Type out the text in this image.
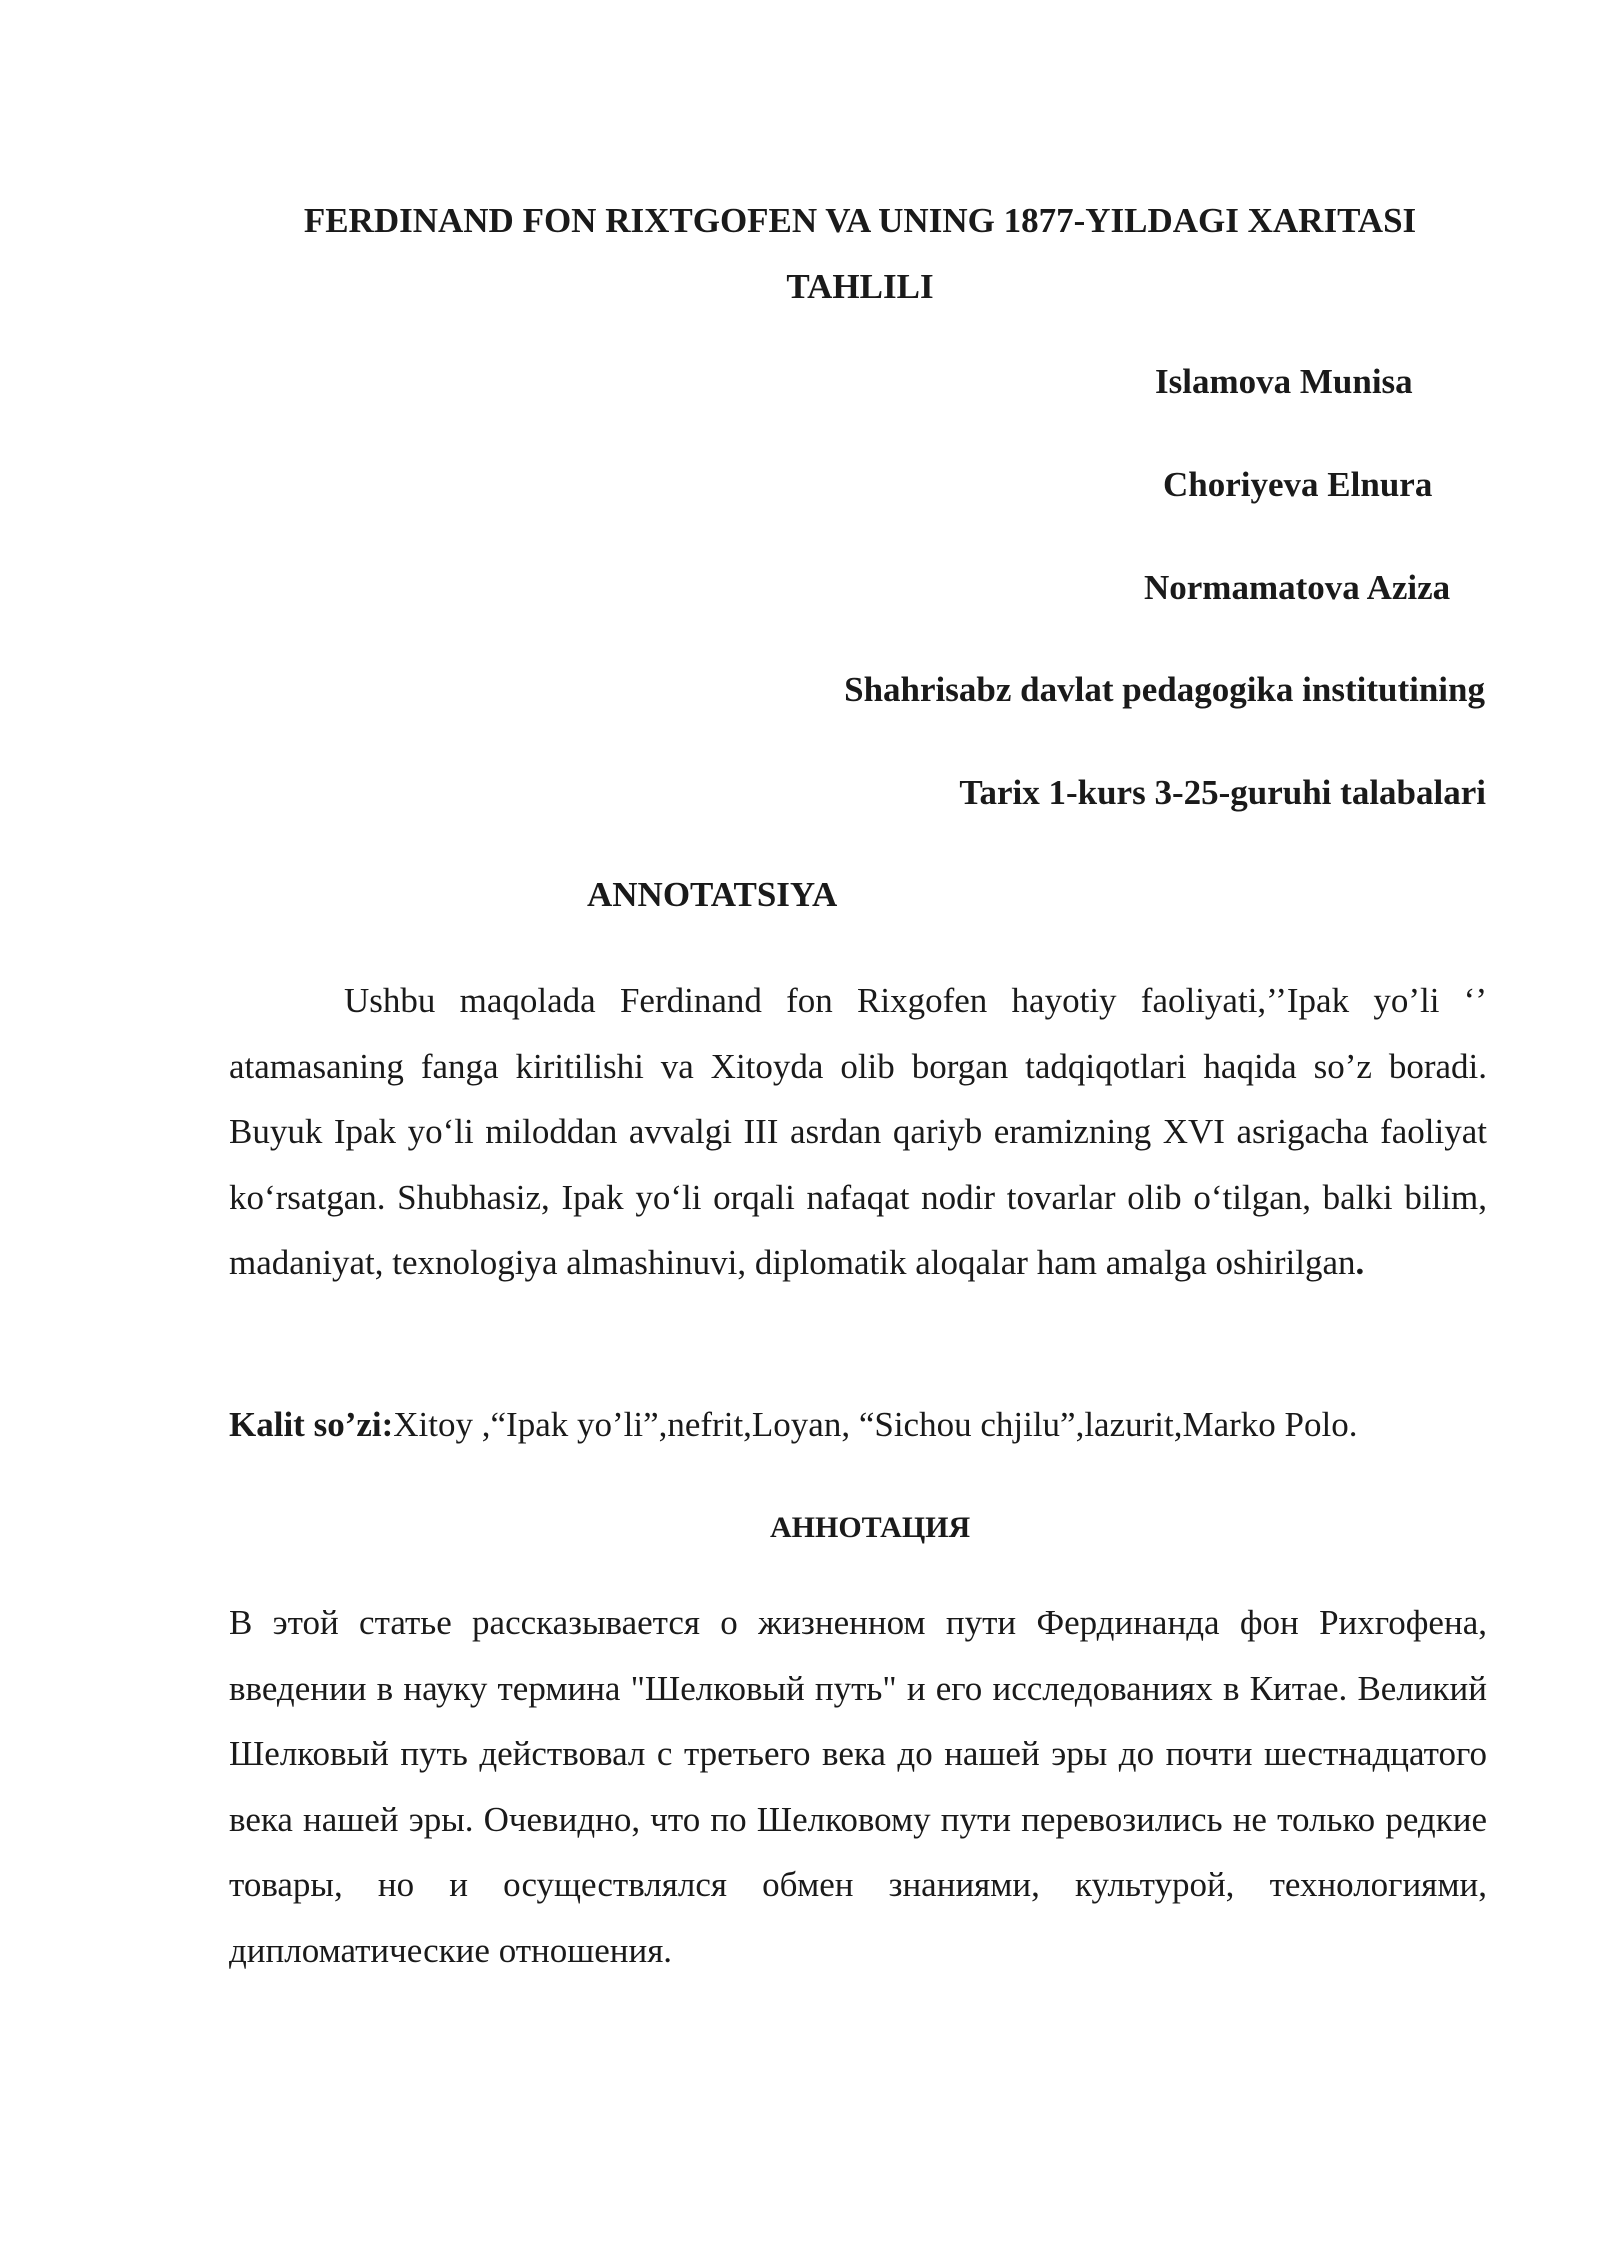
FERDINAND FON RIXTGOFEN VA UNING 1877-YILDAGI XARITASI TAHLILI

Islamova Munisa

Choriyeva Elnura

Normamatova Aziza

Shahrisabz davlat pedagogika institutining

Tarix 1-kurs 3-25-guruhi talabalari

ANNOTATSIYA

Ushbu maqolada Ferdinand fon Rixgofen hayotiy faoliyati,’’Ipak yo’li ‘’ atamasaning fanga kiritilishi va Xitoyda olib borgan tadqiqotlari haqida so’z boradi. Buyuk Ipak yo‘li miloddan avvalgi III asrdan qariyb eramizning XVI asrigacha faoliyat ko‘rsatgan. Shubhasiz, Ipak yo‘li orqali nafaqat nodir tovarlar olib o‘tilgan, balki bilim, madaniyat, texnologiya almashinuvi, diplomatik aloqalar ham amalga oshirilgan.

Kalit so’zi:Xitoy ,“Ipak yo’li”,nefrit,Loyan, “Sichou chjilu”,lazurit,Marko Polo.

АННОТАЦИЯ

В этой статье рассказывается о жизненном пути Фердинанда фон Рихгофена, введении в науку термина "Шелковый путь" и его исследованиях в Китае. Великий Шелковый путь действовал с третьего века до нашей эры до почти шестнадцатого века нашей эры. Очевидно, что по Шелковому пути перевозились не только редкие товары, но и осуществлялся обмен знаниями, культурой, технологиями, дипломатические отношения.
